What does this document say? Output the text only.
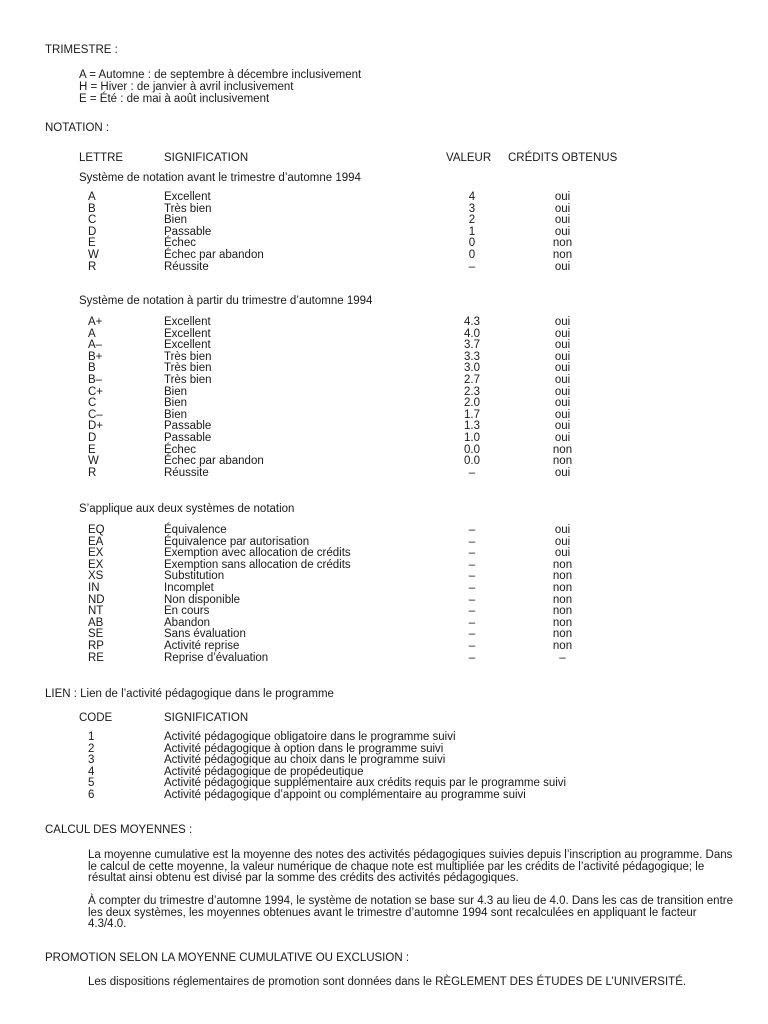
TRIMESTRE :
A = Automne : de septembre à décembre inclusivement
H = Hiver : de janvier à avril inclusivement
E = Été : de mai à août inclusivement
NOTATION :
LETTRE	SIGNIFICATION	VALEUR CRÉDITS OBTENUS
Système de notation avant le trimestre d’automne 1994
A	Excellent	4	oui
B	Très bien	3	oui
C	Bien	2	oui
D	Passable	1	oui
E	Échec	0	non
W	Échec par abandon	0	non
R	Réussite	–	oui
Système de notation à partir du trimestre d’automne 1994
A+	Excellent	4.3	oui
A	Excellent	4.0	oui
A–	Excellent	3.7	oui
B+	Très bien	3.3	oui
B	Très bien	3.0	oui
B–	Très bien	2.7	oui
C+	Bien	2.3	oui
C	Bien	2.0	oui
C–	Bien	1.7	oui
D+	Passable	1.3	oui
D	Passable	1.0	oui
E	Échec	0.0	non
W	Échec par abandon	0.0	non
R	Réussite	–	oui
S’applique aux deux systèmes de notation
EQ	Équivalence	–	oui
EA	Équivalence par autorisation	–	oui
EX	Exemption avec allocation de crédits	–	oui
EX	Exemption sans allocation de crédits	–	non
XS	Substitution	–	non
IN	Incomplet	–	non
ND	Non disponible	–	non
NT	En cours	–	non
AB	Abandon	–	non
SE	Sans évaluation	–	non
RP	Activité reprise	–	non
RE	Reprise d’évaluation	–	–
LIEN : Lien de l’activité pédagogique dans le programme
CODE	SIGNIFICATION
1	Activité pédagogique obligatoire dans le programme suivi
2	Activité pédagogique à option dans le programme suivi
3	Activité pédagogique au choix dans le programme suivi
4	Activité pédagogique de propédeutique
5	Activité pédagogique supplémentaire aux crédits requis par le programme suivi
6	Activité pédagogique d’appoint ou complémentaire au programme suivi
CALCUL DES MOYENNES :
La moyenne cumulative est la moyenne des notes des activités pédagogiques suivies depuis l’inscription au programme. Dans le calcul de cette moyenne, la valeur numérique de chaque note est multipliée par les crédits de l’activité pédagogique; le résultat ainsi obtenu est divisé par la somme des crédits des activités pédagogiques.
À compter du trimestre d’automne 1994, le système de notation se base sur 4.3 au lieu de 4.0. Dans les cas de transition entre les deux systèmes, les moyennes obtenues avant le trimestre d’automne 1994 sont recalculées en appliquant le facteur 4.3/4.0.
PROMOTION SELON LA MOYENNE CUMULATIVE OU EXCLUSION :
Les dispositions réglementaires de promotion sont données dans le RÈGLEMENT DES ÉTUDES DE L’UNIVERSITÉ.
